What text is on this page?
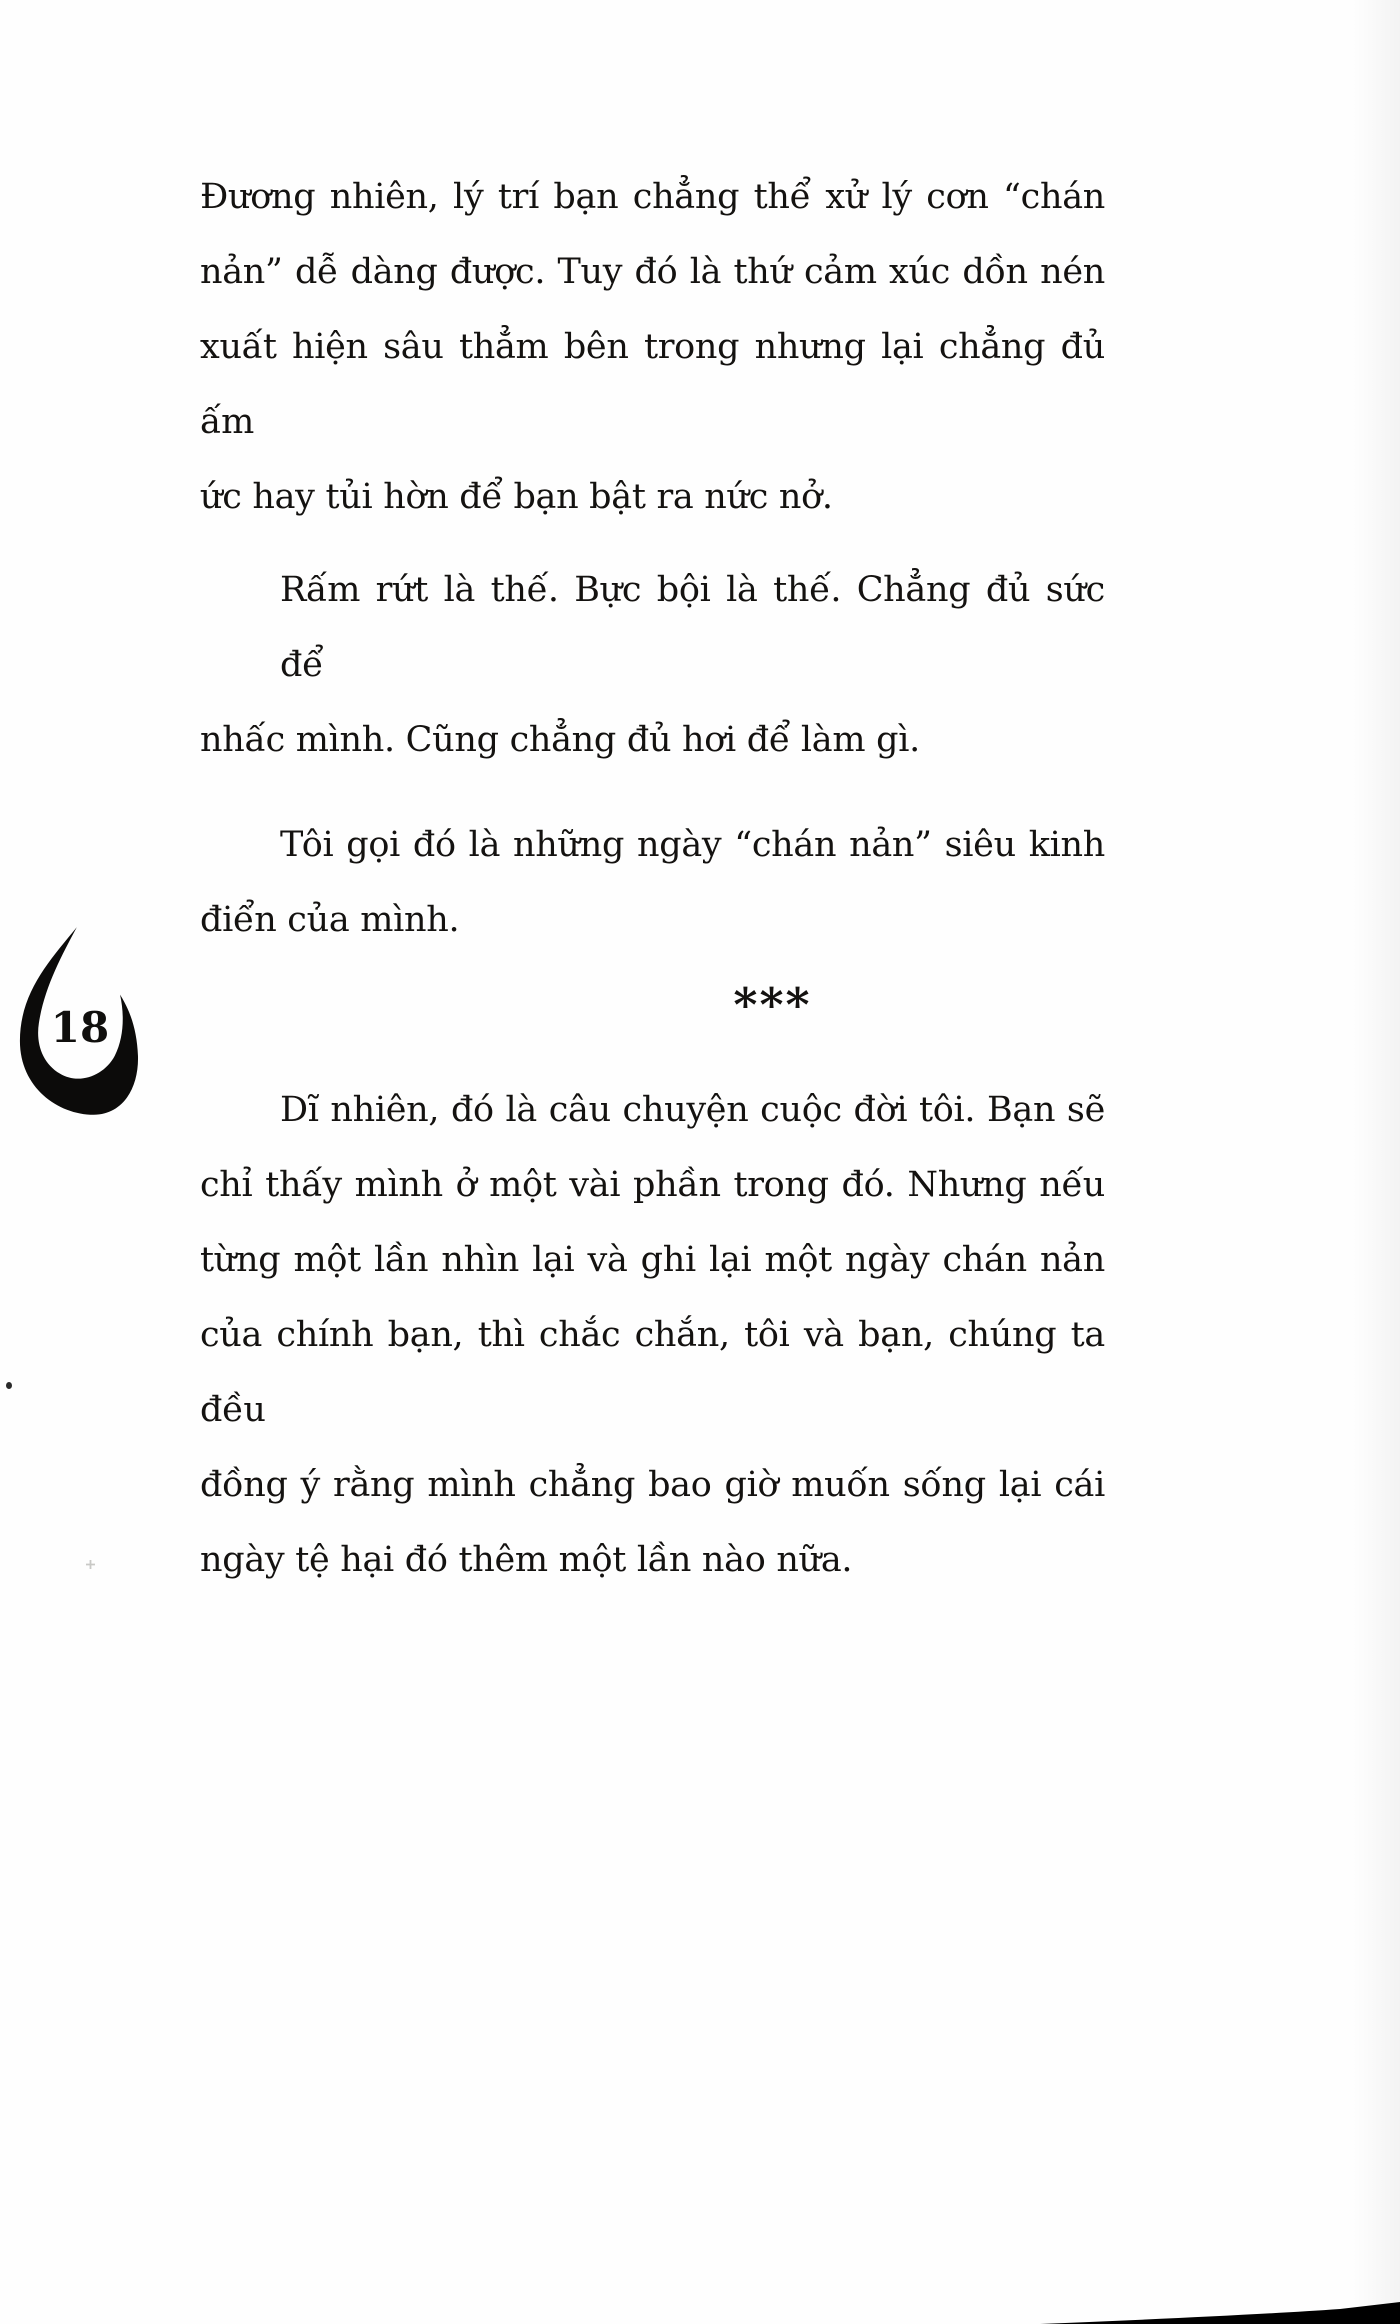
Đương nhiên, lý trí bạn chẳng thể xử lý cơn “chán
nản” dễ dàng được. Tuy đó là thứ cảm xúc dồn nén
xuất hiện sâu thẳm bên trong nhưng lại chẳng đủ ấm
ức hay tủi hờn để bạn bật ra nức nở.
Rấm rứt là thế. Bực bội là thế. Chẳng đủ sức để
nhấc mình. Cũng chẳng đủ hơi để làm gì.
Tôi gọi đó là những ngày “chán nản” siêu kinh
điển của mình.
***
Dĩ nhiên, đó là câu chuyện cuộc đời tôi. Bạn sẽ
chỉ thấy mình ở một vài phần trong đó. Nhưng nếu
từng một lần nhìn lại và ghi lại một ngày chán nản
của chính bạn, thì chắc chắn, tôi và bạn, chúng ta đều
đồng ý rằng mình chẳng bao giờ muốn sống lại cái
ngày tệ hại đó thêm một lần nào nữa.
18
